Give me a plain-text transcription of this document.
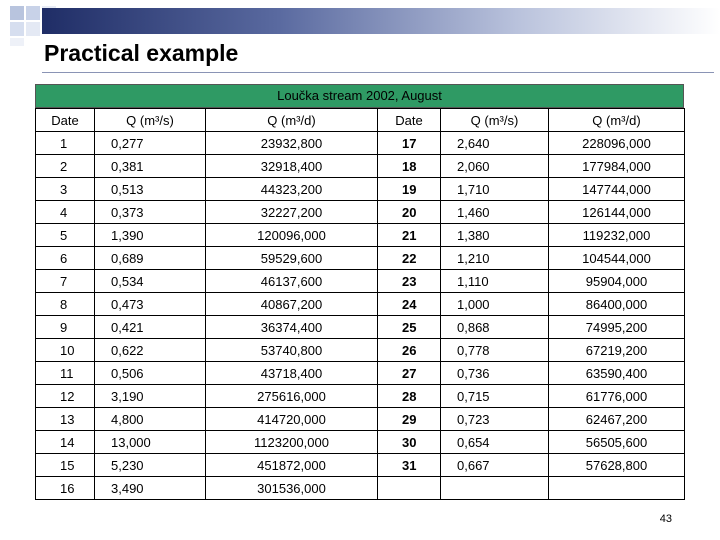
Practical example
Loučka stream 2002, August
Date	Q (m³/s)	Q (m³/d)	Date	Q (m³/s)	Q (m³/d)
1	0,277	23932,800	17	2,640	228096,000
2	0,381	32918,400	18	2,060	177984,000
3	0,513	44323,200	19	1,710	147744,000
4	0,373	32227,200	20	1,460	126144,000
5	1,390	120096,000	21	1,380	119232,000
6	0,689	59529,600	22	1,210	104544,000
7	0,534	46137,600	23	1,110	95904,000
8	0,473	40867,200	24	1,000	86400,000
9	0,421	36374,400	25	0,868	74995,200
10	0,622	53740,800	26	0,778	67219,200
11	0,506	43718,400	27	0,736	63590,400
12	3,190	275616,000	28	0,715	61776,000
13	4,800	414720,000	29	0,723	62467,200
14	13,000	1123200,000	30	0,654	56505,600
15	5,230	451872,000	31	0,667	57628,800
16	3,490	301536,000			
43
